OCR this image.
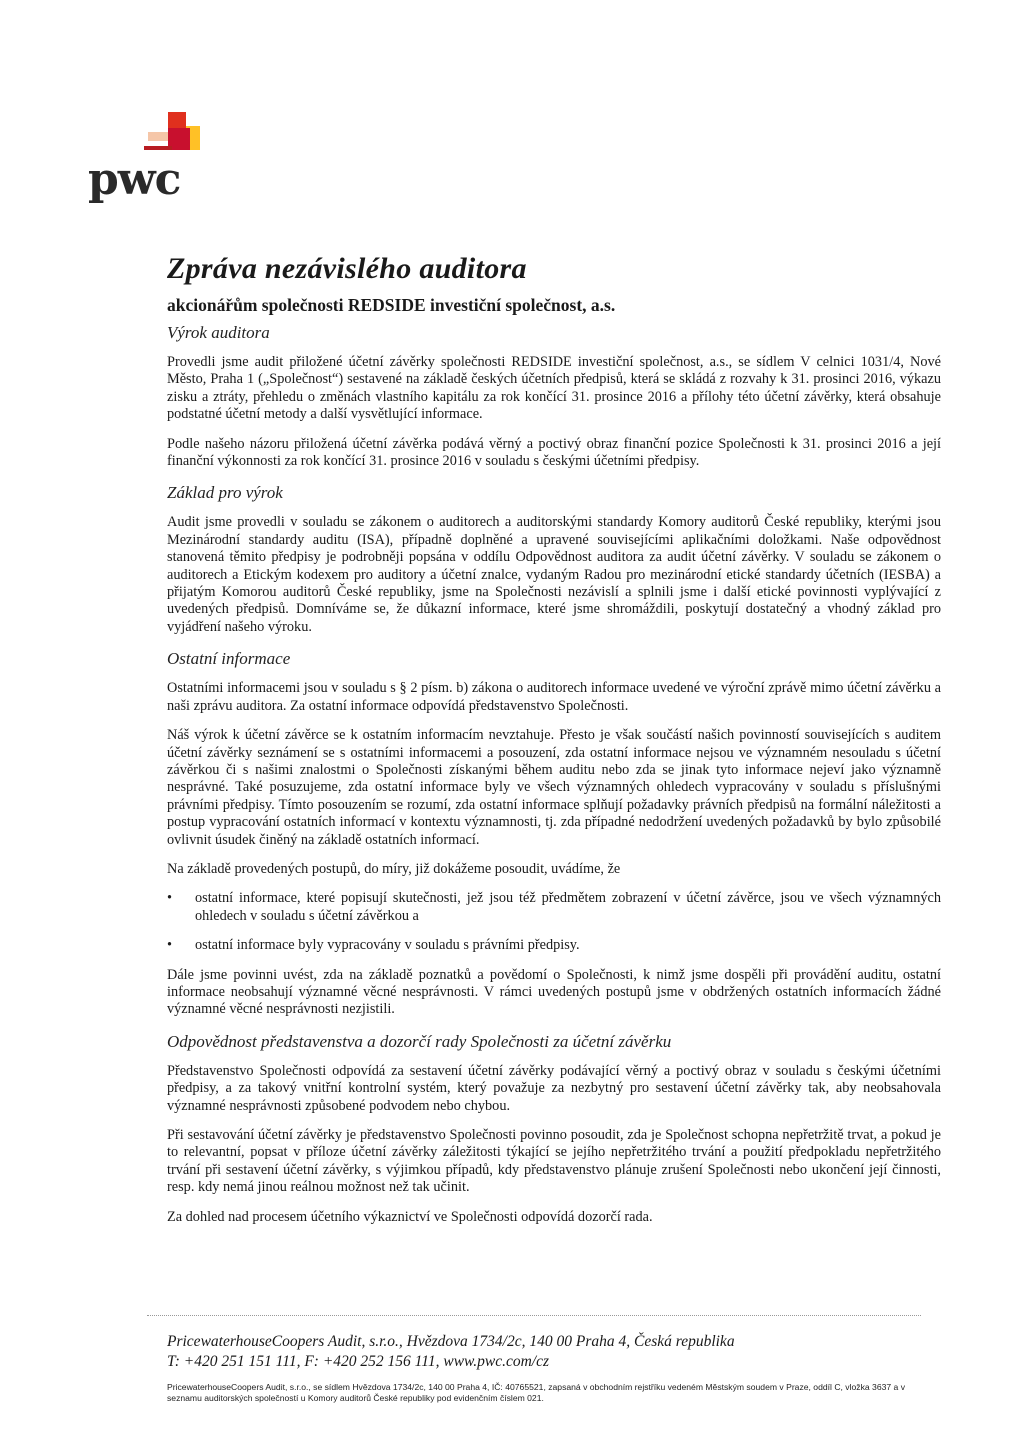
pwc
Zpráva nezávislého auditora
akcionářům společnosti REDSIDE investiční společnost, a.s.
Výrok auditora

Provedli jsme audit přiložené účetní závěrky společnosti REDSIDE investiční společnost, a.s., se sídlem V celnici 1031/4, Nové Město, Praha 1 („Společnost“) sestavené na základě českých účetních předpisů, která se skládá z rozvahy k 31. prosinci 2016, výkazu zisku a ztráty, přehledu o změnách vlastního kapitálu za rok končící 31. prosince 2016 a přílohy této účetní závěrky, která obsahuje podstatné účetní metody a další vysvětlující informace.

Podle našeho názoru přiložená účetní závěrka podává věrný a poctivý obraz finanční pozice Společnosti k 31. prosinci 2016 a její finanční výkonnosti za rok končící 31. prosince 2016 v souladu s českými účetními předpisy.

Základ pro výrok

Audit jsme provedli v souladu se zákonem o auditorech a auditorskými standardy Komory auditorů České republiky, kterými jsou Mezinárodní standardy auditu (ISA), případně doplněné a upravené souvisejícími aplikačními doložkami. Naše odpovědnost stanovená těmito předpisy je podrobněji popsána v oddílu Odpovědnost auditora za audit účetní závěrky. V souladu se zákonem o auditorech a Etickým kodexem pro auditory a účetní znalce, vydaným Radou pro mezinárodní etické standardy účetních (IESBA) a přijatým Komorou auditorů České republiky, jsme na Společnosti nezávislí a splnili jsme i další etické povinnosti vyplývající z uvedených předpisů. Domníváme se, že důkazní informace, které jsme shromáždili, poskytují dostatečný a vhodný základ pro vyjádření našeho výroku.

Ostatní informace

Ostatními informacemi jsou v souladu s § 2 písm. b) zákona o auditorech informace uvedené ve výroční zprávě mimo účetní závěrku a naši zprávu auditora. Za ostatní informace odpovídá představenstvo Společnosti.

Náš výrok k účetní závěrce se k ostatním informacím nevztahuje. Přesto je však součástí našich povinností souvisejících s auditem účetní závěrky seznámení se s ostatními informacemi a posouzení, zda ostatní informace nejsou ve významném nesouladu s účetní závěrkou či s našimi znalostmi o Společnosti získanými během auditu nebo zda se jinak tyto informace nejeví jako významně nesprávné. Také posuzujeme, zda ostatní informace byly ve všech významných ohledech vypracovány v souladu s příslušnými právními předpisy. Tímto posouzením se rozumí, zda ostatní informace splňují požadavky právních předpisů na formální náležitosti a postup vypracování ostatních informací v kontextu významnosti, tj. zda případné nedodržení uvedených požadavků by bylo způsobilé ovlivnit úsudek činěný na základě ostatních informací.

Na základě provedených postupů, do míry, již dokážeme posoudit, uvádíme, že

• ostatní informace, které popisují skutečnosti, jež jsou též předmětem zobrazení v účetní závěrce, jsou ve všech významných ohledech v souladu s účetní závěrkou a
• ostatní informace byly vypracovány v souladu s právními předpisy.

Dále jsme povinni uvést, zda na základě poznatků a povědomí o Společnosti, k nimž jsme dospěli při provádění auditu, ostatní informace neobsahují významné věcné nesprávnosti. V rámci uvedených postupů jsme v obdržených ostatních informacích žádné významné věcné nesprávnosti nezjistili.

Odpovědnost představenstva a dozorčí rady Společnosti za účetní závěrku

Představenstvo Společnosti odpovídá za sestavení účetní závěrky podávající věrný a poctivý obraz v souladu s českými účetními předpisy, a za takový vnitřní kontrolní systém, který považuje za nezbytný pro sestavení účetní závěrky tak, aby neobsahovala významné nesprávnosti způsobené podvodem nebo chybou.

Při sestavování účetní závěrky je představenstvo Společnosti povinno posoudit, zda je Společnost schopna nepřetržitě trvat, a pokud je to relevantní, popsat v příloze účetní závěrky záležitosti týkající se jejího nepřetržitého trvání a použití předpokladu nepřetržitého trvání při sestavení účetní závěrky, s výjimkou případů, kdy představenstvo plánuje zrušení Společnosti nebo ukončení její činnosti, resp. kdy nemá jinou reálnou možnost než tak učinit.

Za dohled nad procesem účetního výkaznictví ve Společnosti odpovídá dozorčí rada.

PricewaterhouseCoopers Audit, s.r.o., Hvězdova 1734/2c, 140 00 Praha 4, Česká republika
T: +420 251 151 111, F: +420 252 156 111, www.pwc.com/cz
PricewaterhouseCoopers Audit, s.r.o., se sídlem Hvězdova 1734/2c, 140 00 Praha 4, IČ: 40765521, zapsaná v obchodním rejstříku vedeném Městským soudem v Praze, oddíl C, vložka 3637 a v seznamu auditorských společností u Komory auditorů České republiky pod evidenčním číslem 021.
